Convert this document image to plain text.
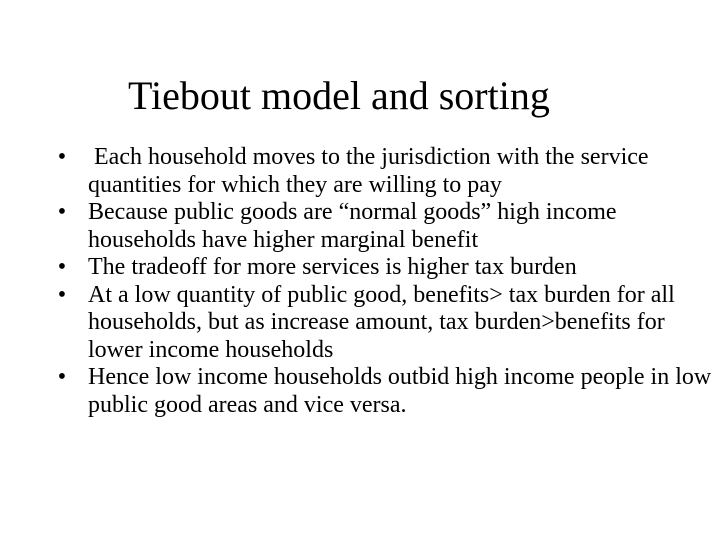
Tiebout model and sorting
• Each household moves to the jurisdiction with the service quantities for which they are willing to pay
• Because public goods are “normal goods” high income households have higher marginal benefit
• The tradeoff for more services is higher tax burden
• At a low quantity of public good, benefits> tax burden for all households, but as increase amount, tax burden>benefits for lower income households
• Hence low income households outbid high income people in low public good areas and vice versa.
